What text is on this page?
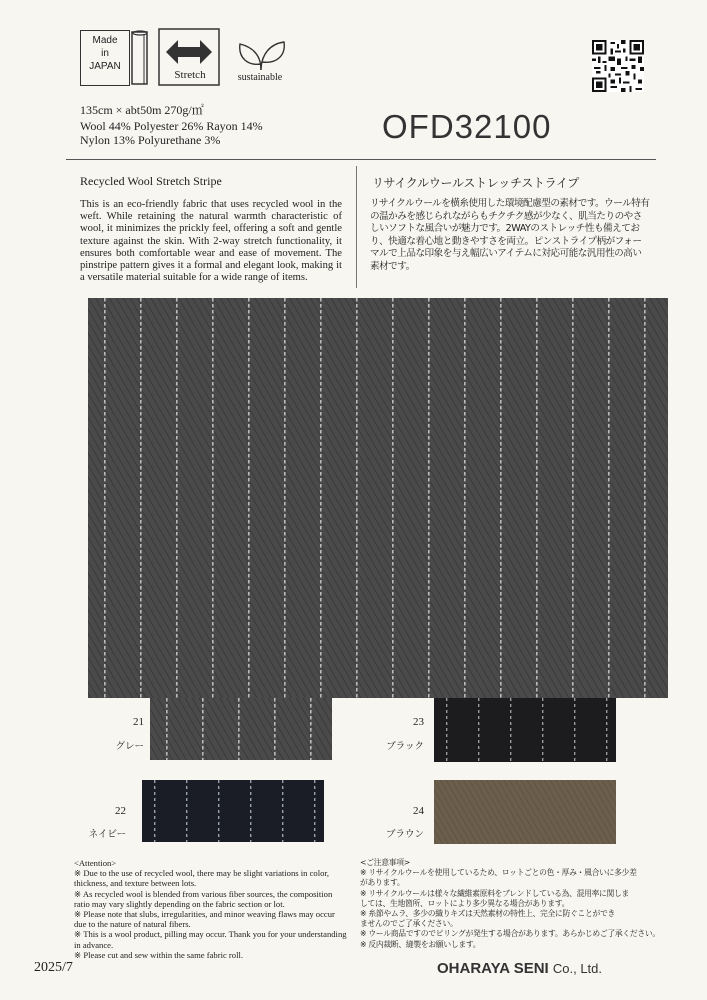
Made
in
JAPAN
Stretch	sustainable
135cm × abt50m 270g/㎡
Wool 44% Polyester 26% Rayon 14%
Nylon 13% Polyurethane 3%	OFD32100
Recycled Wool Stretch Stripe	リサイクルウールストレッチストライプ
This is an eco-friendly fabric that uses recycled wool in the weft. While retaining the natural warmth characteristic of wool, it minimizes the prickly feel, offering a soft and gentle texture against the skin. With 2-way stretch functionality, it ensures both comfortable wear and ease of movement. The pinstripe pattern gives it a formal and elegant look, making it a versatile material suitable for a wide range of items.
リサイクルウールを横糸使用した環境配慮型の素材です。ウール特有の温かみを感じられながらもチクチク感が少なく、肌当たりのやさしいソフトな風合いが魅力です。2WAYのストレッチ性も備えており、快適な着心地と動きやすさを両立。ピンストライプ柄がフォーマルで上品な印象を与え幅広いアイテムに対応可能な汎用性の高い素材です。
21
グレー
23
ブラック
22
ネイビー
24
ブラウン
<Attention>
※ Due to the use of recycled wool, there may be slight variations in color,
thickness, and texture between lots.
※ As recycled wool is blended from various fiber sources, the composition
ratio may vary slightly depending on the fabric section or lot.
※ Please note that slubs, irregularities, and minor weaving flaws may occur
due to the nature of natural fibers.
※ This is a wool product, pilling may occur. Thank you for your understanding
in advance.
※ Please cut and sew within the same fabric roll.
<ご注意事項>
※ リサイクルウールを使用しているため、ロットごとの色・厚み・風合いに多少差
があります。
※ リサイクルウールは様々な繊維素原料をブレンドしている為、混用率に関しま
しては、生地箇所、ロットにより多少異なる場合があります。
※ 糸節やムラ、多少の織りキズは天然素材の特性上、完全に防ぐことができ
ませんのでご了承ください。
※ ウール商品ですのでピリングが発生する場合があります。あらかじめご了承ください。
※ 反内裁断、縫製をお願いします。
2025/7	OHARAYA SENI Co., Ltd.
